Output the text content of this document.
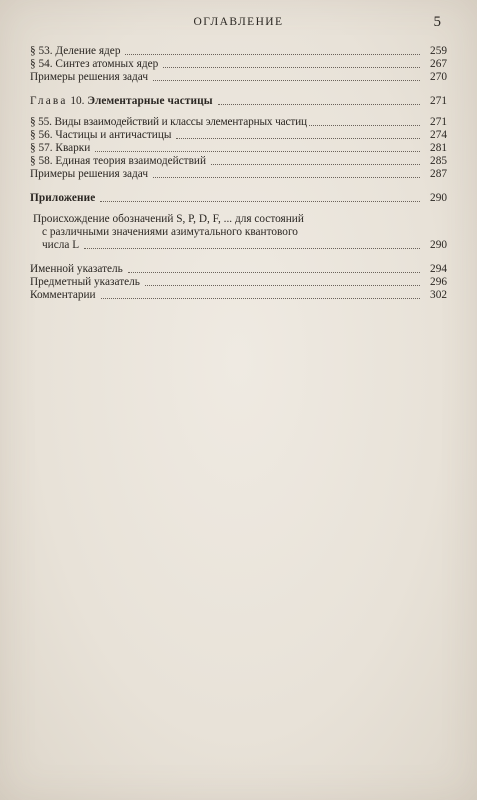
ОГЛАВЛЕНИЕ	5
§ 53. Деление ядер	259
§ 54. Синтез атомных ядер	267
Примеры решения задач	270
Глава 10. Элементарные частицы	271
§ 55. Виды взаимодействий и классы элементарных частиц	271
§ 56. Частицы и античастицы	274
§ 57. Кварки	281
§ 58. Единая теория взаимодействий	285
Примеры решения задач	287
Приложение	290
Происхождение обозначений S, P, D, F, ... для состояний
с различными значениями азимутального квантового
числа L	290
Именной указатель	294
Предметный указатель	296
Комментарии	302
